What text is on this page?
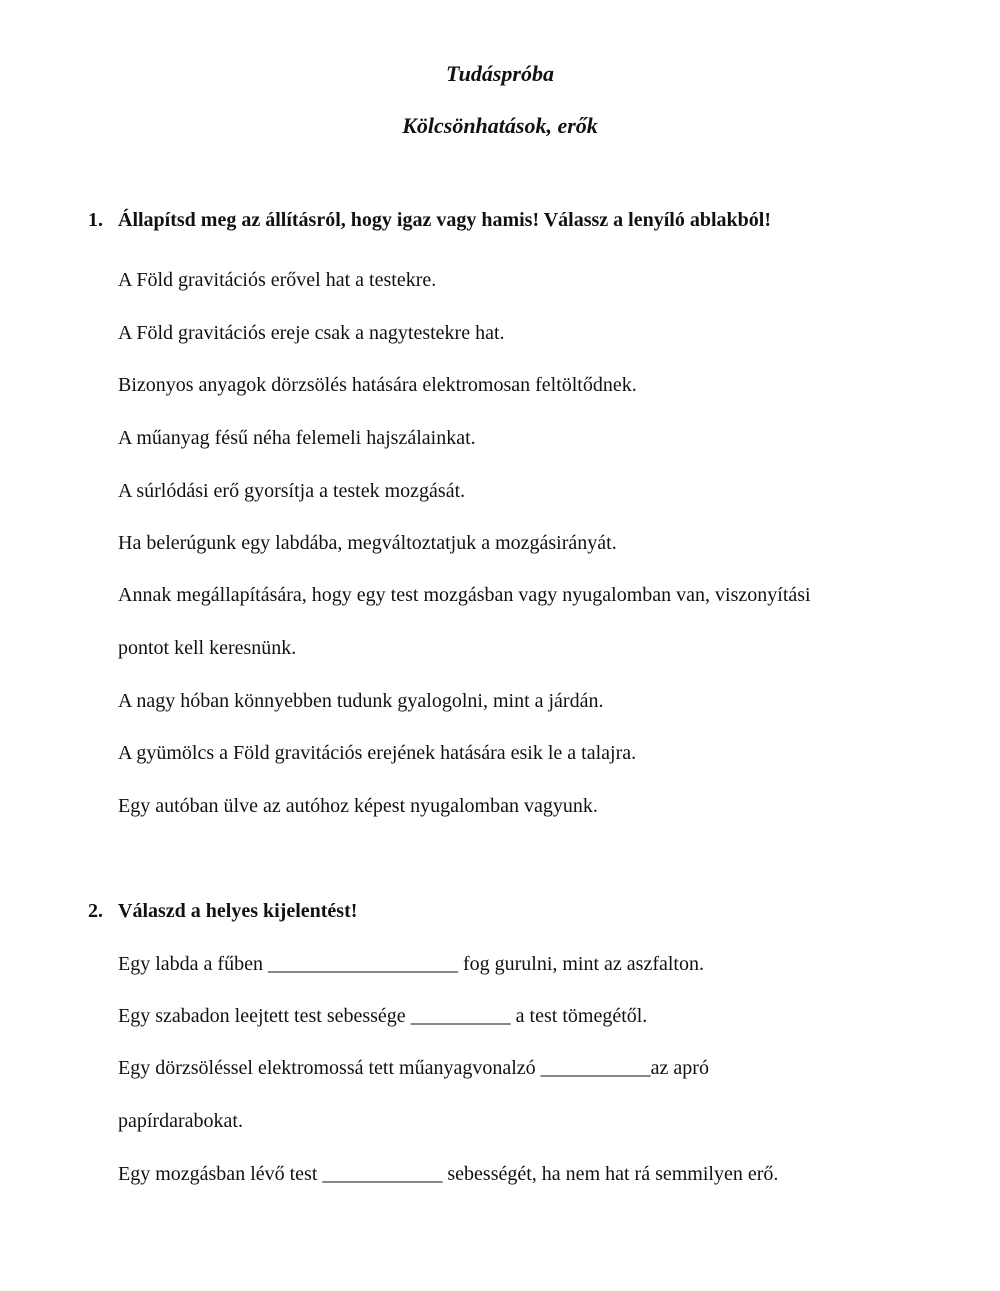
Tudáspróba
Kölcsönhatások, erők
1. Állapítsd meg az állításról, hogy igaz vagy hamis! Válassz a lenyíló ablakból!
A Föld gravitációs erővel hat a testekre.
A Föld gravitációs ereje csak a nagytestekre hat.
Bizonyos anyagok dörzsölés hatására elektromosan feltöltődnek.
A műanyag fésű néha felemeli hajszálainkat.
A súrlódási erő gyorsítja a testek mozgását.
Ha belerúgunk egy labdába, megváltoztatjuk a mozgásirányát.
Annak megállapítására, hogy egy test mozgásban vagy nyugalomban van, viszonyítási
pontot kell keresnünk.
A nagy hóban könnyebben tudunk gyalogolni, mint a járdán.
A gyümölcs a Föld gravitációs erejének hatására esik le a talajra.
Egy autóban ülve az autóhoz képest nyugalomban vagyunk.
2. Válaszd a helyes kijelentést!
Egy labda a fűben ___________________ fog gurulni, mint az aszfalton.
Egy szabadon leejtett test sebessége __________ a test tömegétől.
Egy dörzsöléssel elektromossá tett műanyagvonalzó ___________az apró
papírdarabokat.
Egy mozgásban lévő test ____________ sebességét, ha nem hat rá semmilyen erő.
